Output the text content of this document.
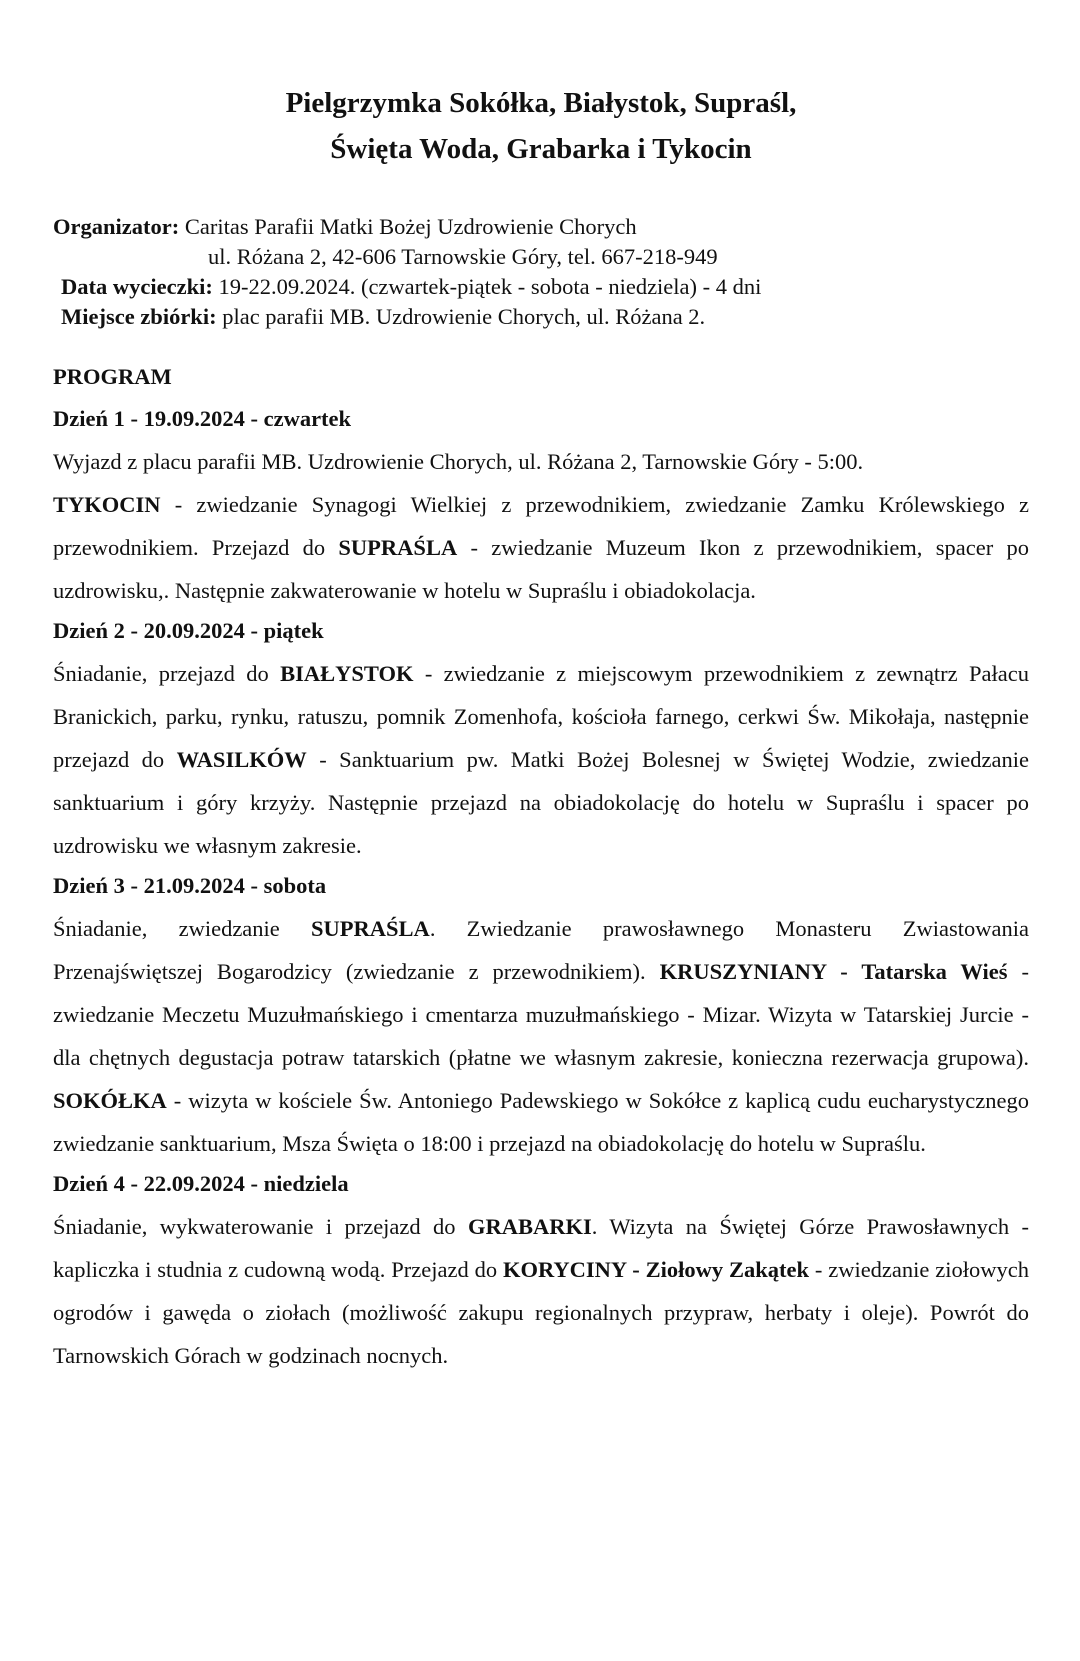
Pielgrzymka Sokółka, Białystok, Supraśl,
Święta Woda, Grabarka i Tykocin
Organizator: Caritas Parafii Matki Bożej Uzdrowienie Chorych
ul. Różana 2, 42-606 Tarnowskie Góry, tel. 667-218-949
Data wycieczki: 19-22.09.2024. (czwartek-piątek - sobota - niedziela) - 4 dni
Miejsce zbiórki: plac parafii MB. Uzdrowienie Chorych, ul. Różana 2.
PROGRAM
Dzień 1 - 19.09.2024 - czwartek
Wyjazd z placu parafii MB. Uzdrowienie Chorych, ul. Różana 2, Tarnowskie Góry - 5:00.

TYKOCIN - zwiedzanie Synagogi Wielkiej z przewodnikiem, zwiedzanie Zamku Królewskiego z przewodnikiem. Przejazd do SUPRAŚLA - zwiedzanie Muzeum Ikon z przewodnikiem, spacer po uzdrowisku,. Następnie zakwaterowanie w hotelu w Supraślu i obiadokolacja.

Dzień 2 - 20.09.2024 - piątek

Śniadanie, przejazd do BIAŁYSTOK - zwiedzanie z miejscowym przewodnikiem z zewnątrz Pałacu Branickich, parku, rynku, ratuszu, pomnik Zomenhofa, kościoła farnego, cerkwi Św. Mikołaja, następnie przejazd do WASILKÓW - Sanktuarium pw. Matki Bożej Bolesnej w Świętej Wodzie, zwiedzanie sanktuarium i góry krzyży. Następnie przejazd na obiadokolację do hotelu w Supraślu i spacer po uzdrowisku we własnym zakresie.

Dzień 3 - 21.09.2024 - sobota

Śniadanie, zwiedzanie SUPRAŚLA. Zwiedzanie prawosławnego Monasteru Zwiastowania Przenajświętszej Bogarodzicy (zwiedzanie z przewodnikiem). KRUSZYNIANY - Tatarska Wieś - zwiedzanie Meczetu Muzułmańskiego i cmentarza muzułmańskiego - Mizar. Wizyta w Tatarskiej Jurcie - dla chętnych degustacja potraw tatarskich (płatne we własnym zakresie, konieczna rezerwacja grupowa). SOKÓŁKA - wizyta w kościele Św. Antoniego Padewskiego w Sokółce z kaplicą cudu eucharystycznego zwiedzanie sanktuarium, Msza Święta o 18:00 i przejazd na obiadokolację do hotelu w Supraślu.

Dzień 4 - 22.09.2024 - niedziela

Śniadanie, wykwaterowanie i przejazd do GRABARKI. Wizyta na Świętej Górze Prawosławnych - kapliczka i studnia z cudowną wodą. Przejazd do KORYCINY - Ziołowy Zakątek - zwiedzanie ziołowych ogrodów i gawęda o ziołach (możliwość zakupu regionalnych przypraw, herbaty i oleje). Powrót do Tarnowskich Górach w godzinach nocnych.
